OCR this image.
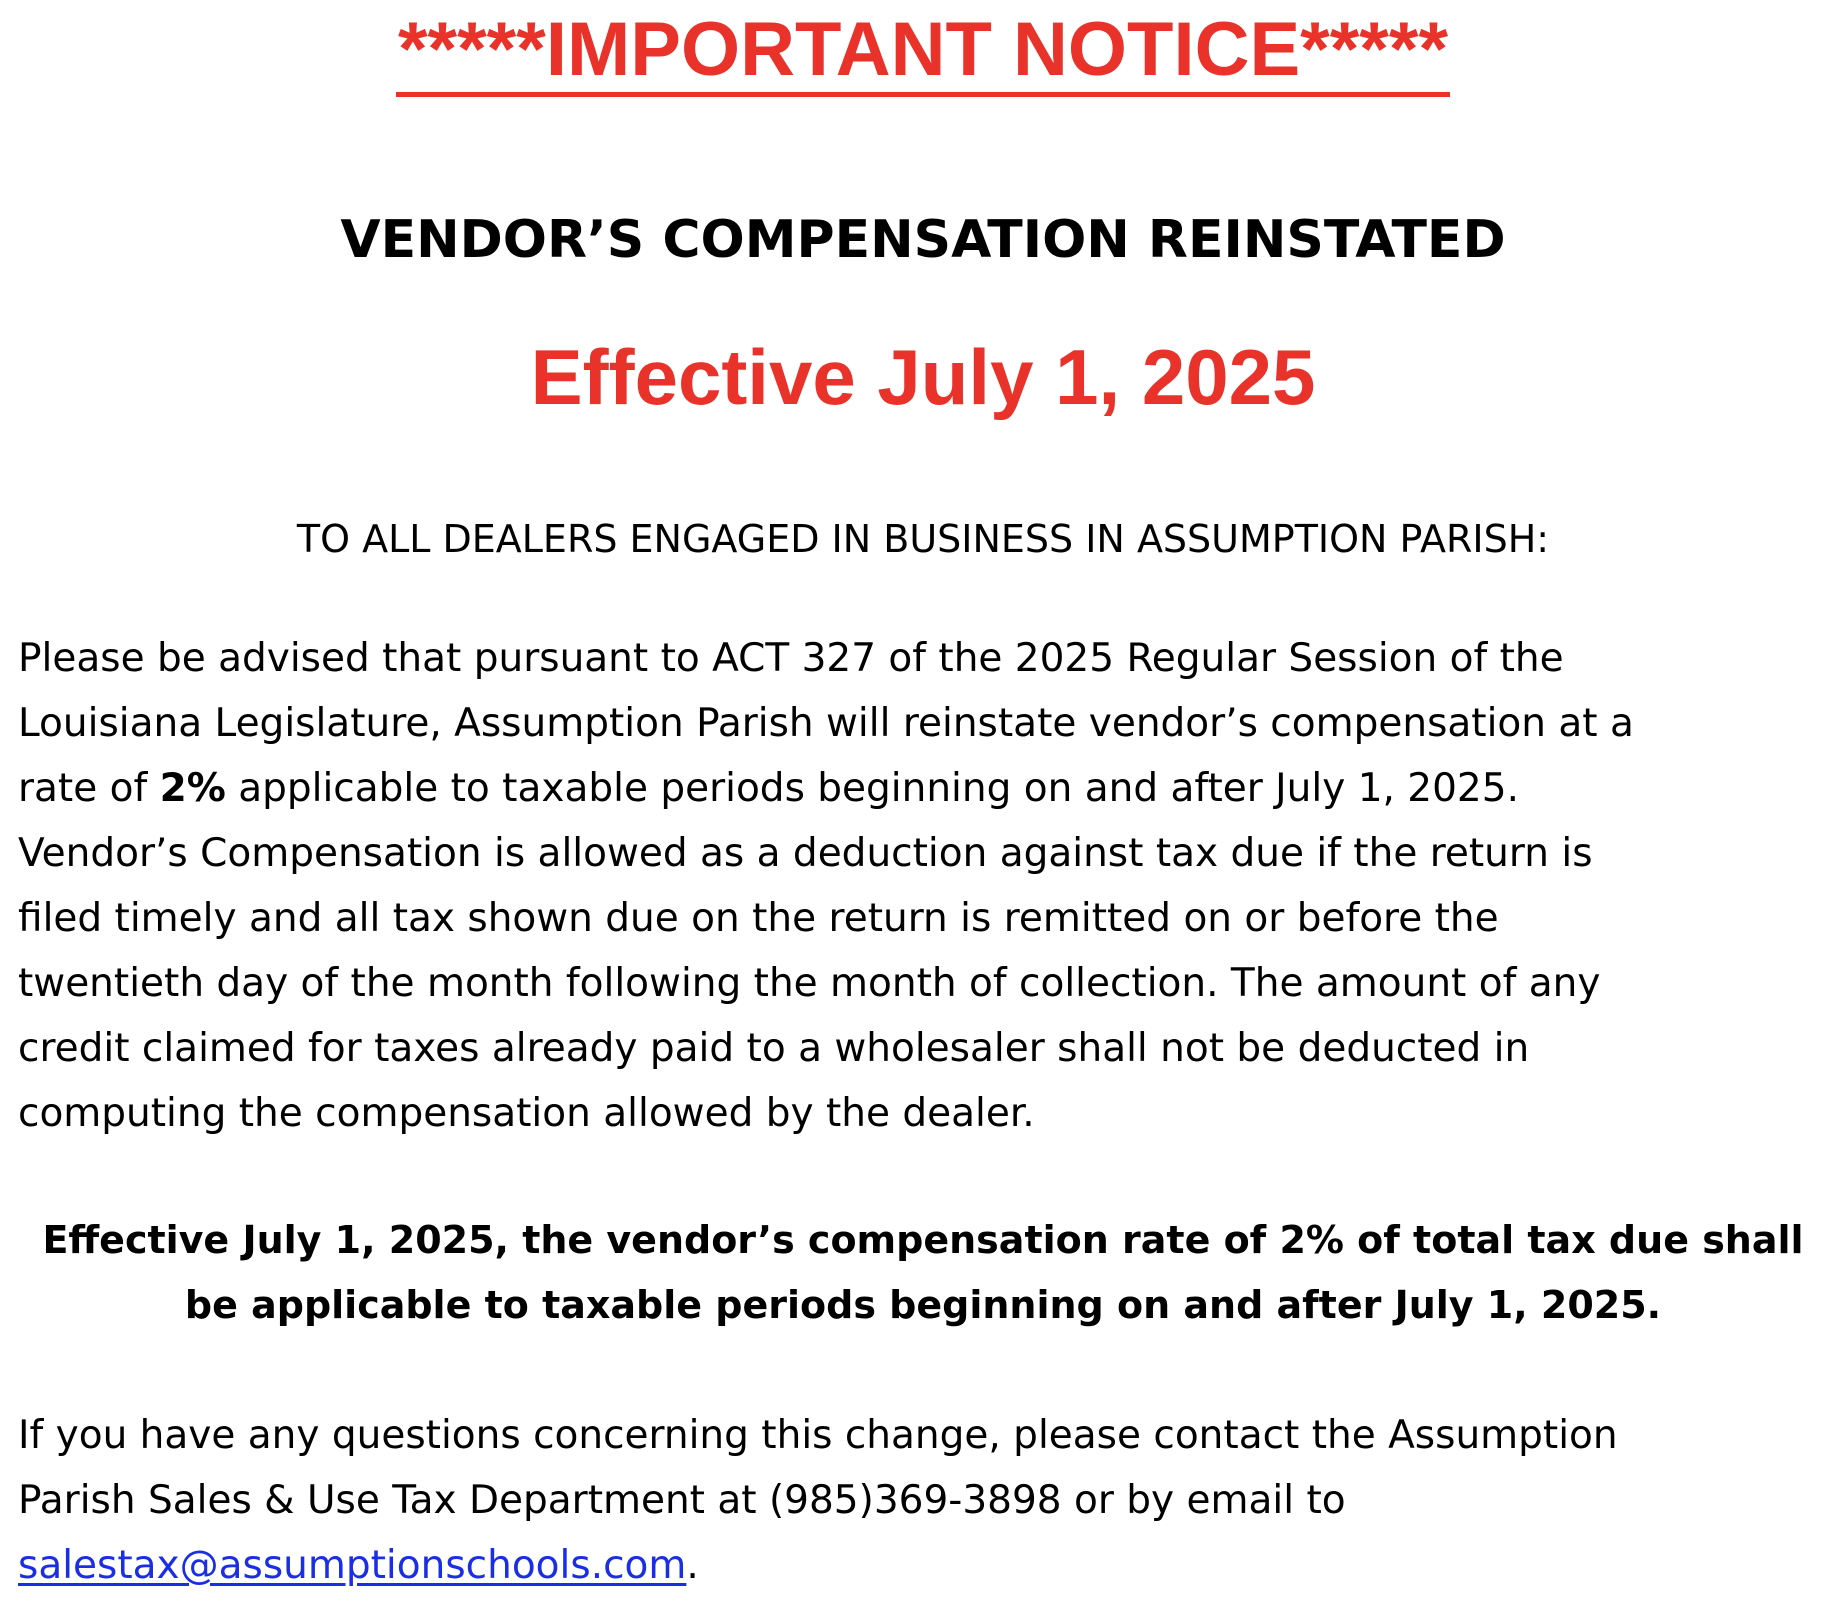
*****IMPORTANT NOTICE*****
VENDOR’S COMPENSATION REINSTATED
Effective July 1, 2025
TO ALL DEALERS ENGAGED IN BUSINESS IN ASSUMPTION PARISH:
Please be advised that pursuant to ACT 327 of the 2025 Regular Session of the
Louisiana Legislature, Assumption Parish will reinstate vendor’s compensation at a
rate of 2% applicable to taxable periods beginning on and after July 1, 2025.
Vendor’s Compensation is allowed as a deduction against tax due if the return is
filed timely and all tax shown due on the return is remitted on or before the
twentieth day of the month following the month of collection. The amount of any
credit claimed for taxes already paid to a wholesaler shall not be deducted in
computing the compensation allowed by the dealer.
Effective July 1, 2025, the vendor’s compensation rate of 2% of total tax due shall
be applicable to taxable periods beginning on and after July 1, 2025.
If you have any questions concerning this change, please contact the Assumption
Parish Sales & Use Tax Department at (985)369-3898 or by email to
salestax@assumptionschools.com.
